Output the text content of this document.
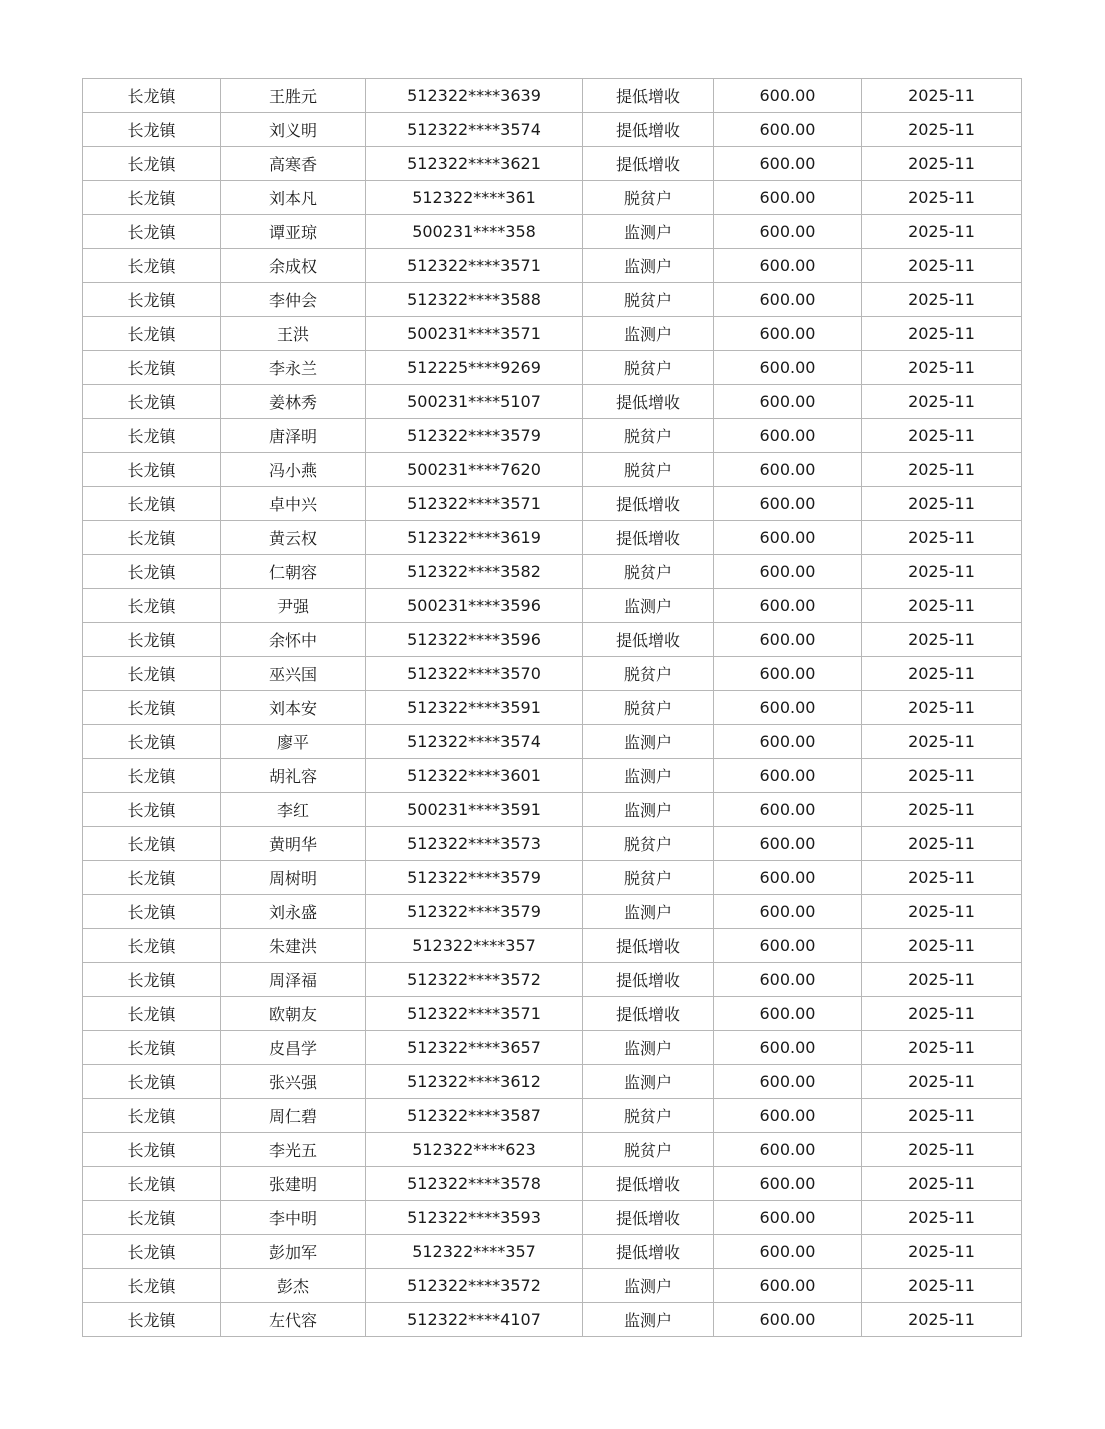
长龙镇	王胜元	512322****3639	提低增收	600.00	2025-11
长龙镇	刘义明	512322****3574	提低增收	600.00	2025-11
长龙镇	高寒香	512322****3621	提低增收	600.00	2025-11
长龙镇	刘本凡	512322****361	脱贫户	600.00	2025-11
长龙镇	谭亚琼	500231****358	监测户	600.00	2025-11
长龙镇	余成权	512322****3571	监测户	600.00	2025-11
长龙镇	李仲会	512322****3588	脱贫户	600.00	2025-11
长龙镇	王洪	500231****3571	监测户	600.00	2025-11
长龙镇	李永兰	512225****9269	脱贫户	600.00	2025-11
长龙镇	姜林秀	500231****5107	提低增收	600.00	2025-11
长龙镇	唐泽明	512322****3579	脱贫户	600.00	2025-11
长龙镇	冯小燕	500231****7620	脱贫户	600.00	2025-11
长龙镇	卓中兴	512322****3571	提低增收	600.00	2025-11
长龙镇	黄云权	512322****3619	提低增收	600.00	2025-11
长龙镇	仁朝容	512322****3582	脱贫户	600.00	2025-11
长龙镇	尹强	500231****3596	监测户	600.00	2025-11
长龙镇	余怀中	512322****3596	提低增收	600.00	2025-11
长龙镇	巫兴国	512322****3570	脱贫户	600.00	2025-11
长龙镇	刘本安	512322****3591	脱贫户	600.00	2025-11
长龙镇	廖平	512322****3574	监测户	600.00	2025-11
长龙镇	胡礼容	512322****3601	监测户	600.00	2025-11
长龙镇	李红	500231****3591	监测户	600.00	2025-11
长龙镇	黄明华	512322****3573	脱贫户	600.00	2025-11
长龙镇	周树明	512322****3579	脱贫户	600.00	2025-11
长龙镇	刘永盛	512322****3579	监测户	600.00	2025-11
长龙镇	朱建洪	512322****357	提低增收	600.00	2025-11
长龙镇	周泽福	512322****3572	提低增收	600.00	2025-11
长龙镇	欧朝友	512322****3571	提低增收	600.00	2025-11
长龙镇	皮昌学	512322****3657	监测户	600.00	2025-11
长龙镇	张兴强	512322****3612	监测户	600.00	2025-11
长龙镇	周仁碧	512322****3587	脱贫户	600.00	2025-11
长龙镇	李光五	512322****623	脱贫户	600.00	2025-11
长龙镇	张建明	512322****3578	提低增收	600.00	2025-11
长龙镇	李中明	512322****3593	提低增收	600.00	2025-11
长龙镇	彭加军	512322****357	提低增收	600.00	2025-11
长龙镇	彭杰	512322****3572	监测户	600.00	2025-11
长龙镇	左代容	512322****4107	监测户	600.00	2025-11
